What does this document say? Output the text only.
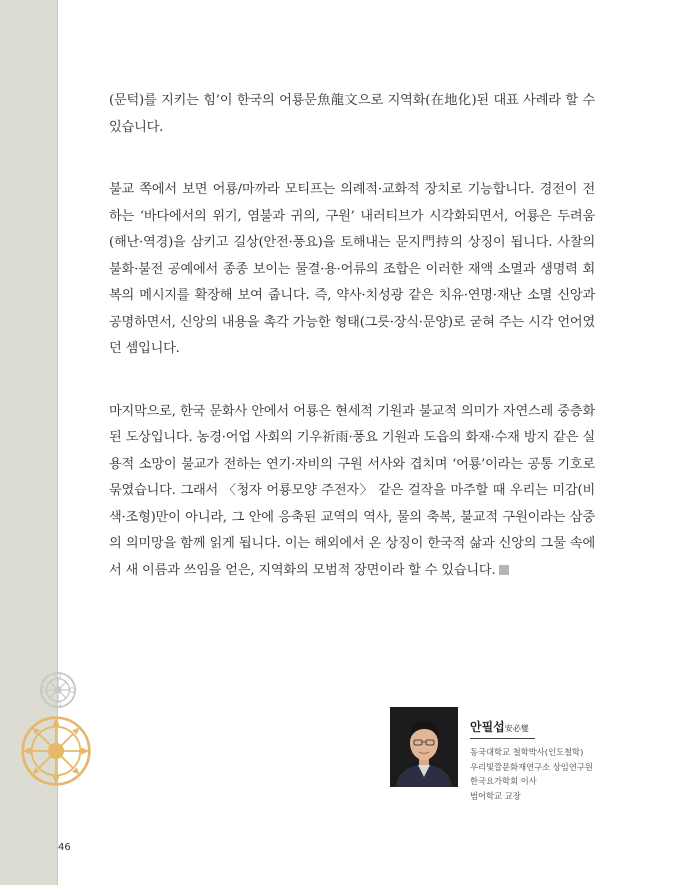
(문턱)를 지키는 힘’이 한국의 어룡문魚龍文으로 지역화(在地化)된 대표 사례라 할 수 있습니다.

불교 쪽에서 보면 어룡/마까라 모티프는 의례적·교화적 장치로 기능합니다. 경전이 전하는 ‘바다에서의 위기, 염불과 귀의, 구원’ 내러티브가 시각화되면서, 어룡은 두려움(해난·역경)을 삼키고 길상(안전·풍요)을 토해내는 문지門持의 상징이 됩니다. 사찰의 불화·불전 공예에서 종종 보이는 물결·용·어류의 조합은 이러한 재액 소멸과 생명력 회복의 메시지를 확장해 보여 줍니다. 즉, 약사·치성광 같은 치유·연명·재난 소멸 신앙과 공명하면서, 신앙의 내용을 촉각 가능한 형태(그릇·장식·문양)로 굳혀 주는 시각 언어였던 셈입니다.

마지막으로, 한국 문화사 안에서 어룡은 현세적 기원과 불교적 의미가 자연스레 중층화된 도상입니다. 농경·어업 사회의 기우祈雨·풍요 기원과 도읍의 화재·수재 방지 같은 실용적 소망이 불교가 전하는 연기·자비의 구원 서사와 겹치며 ‘어룡’이라는 공통 기호로 묶였습니다. 그래서 〈청자 어룡모양 주전자〉 같은 걸작을 마주할 때 우리는 미감(비색·조형)만이 아니라, 그 안에 응축된 교역의 역사, 물의 축복, 불교적 구원이라는 삼중의 의미망을 함께 읽게 됩니다. 이는 해외에서 온 상징이 한국적 삶과 신앙의 그물 속에서 새 이름과 쓰임을 얻은, 지역화의 모범적 장면이라 할 수 있습니다.

안필섭安必燮
동국대학교 철학박사(인도철학)
우리빛깔문화재연구소 상임연구원
한국요가학회 이사
범어학교 교장
46
